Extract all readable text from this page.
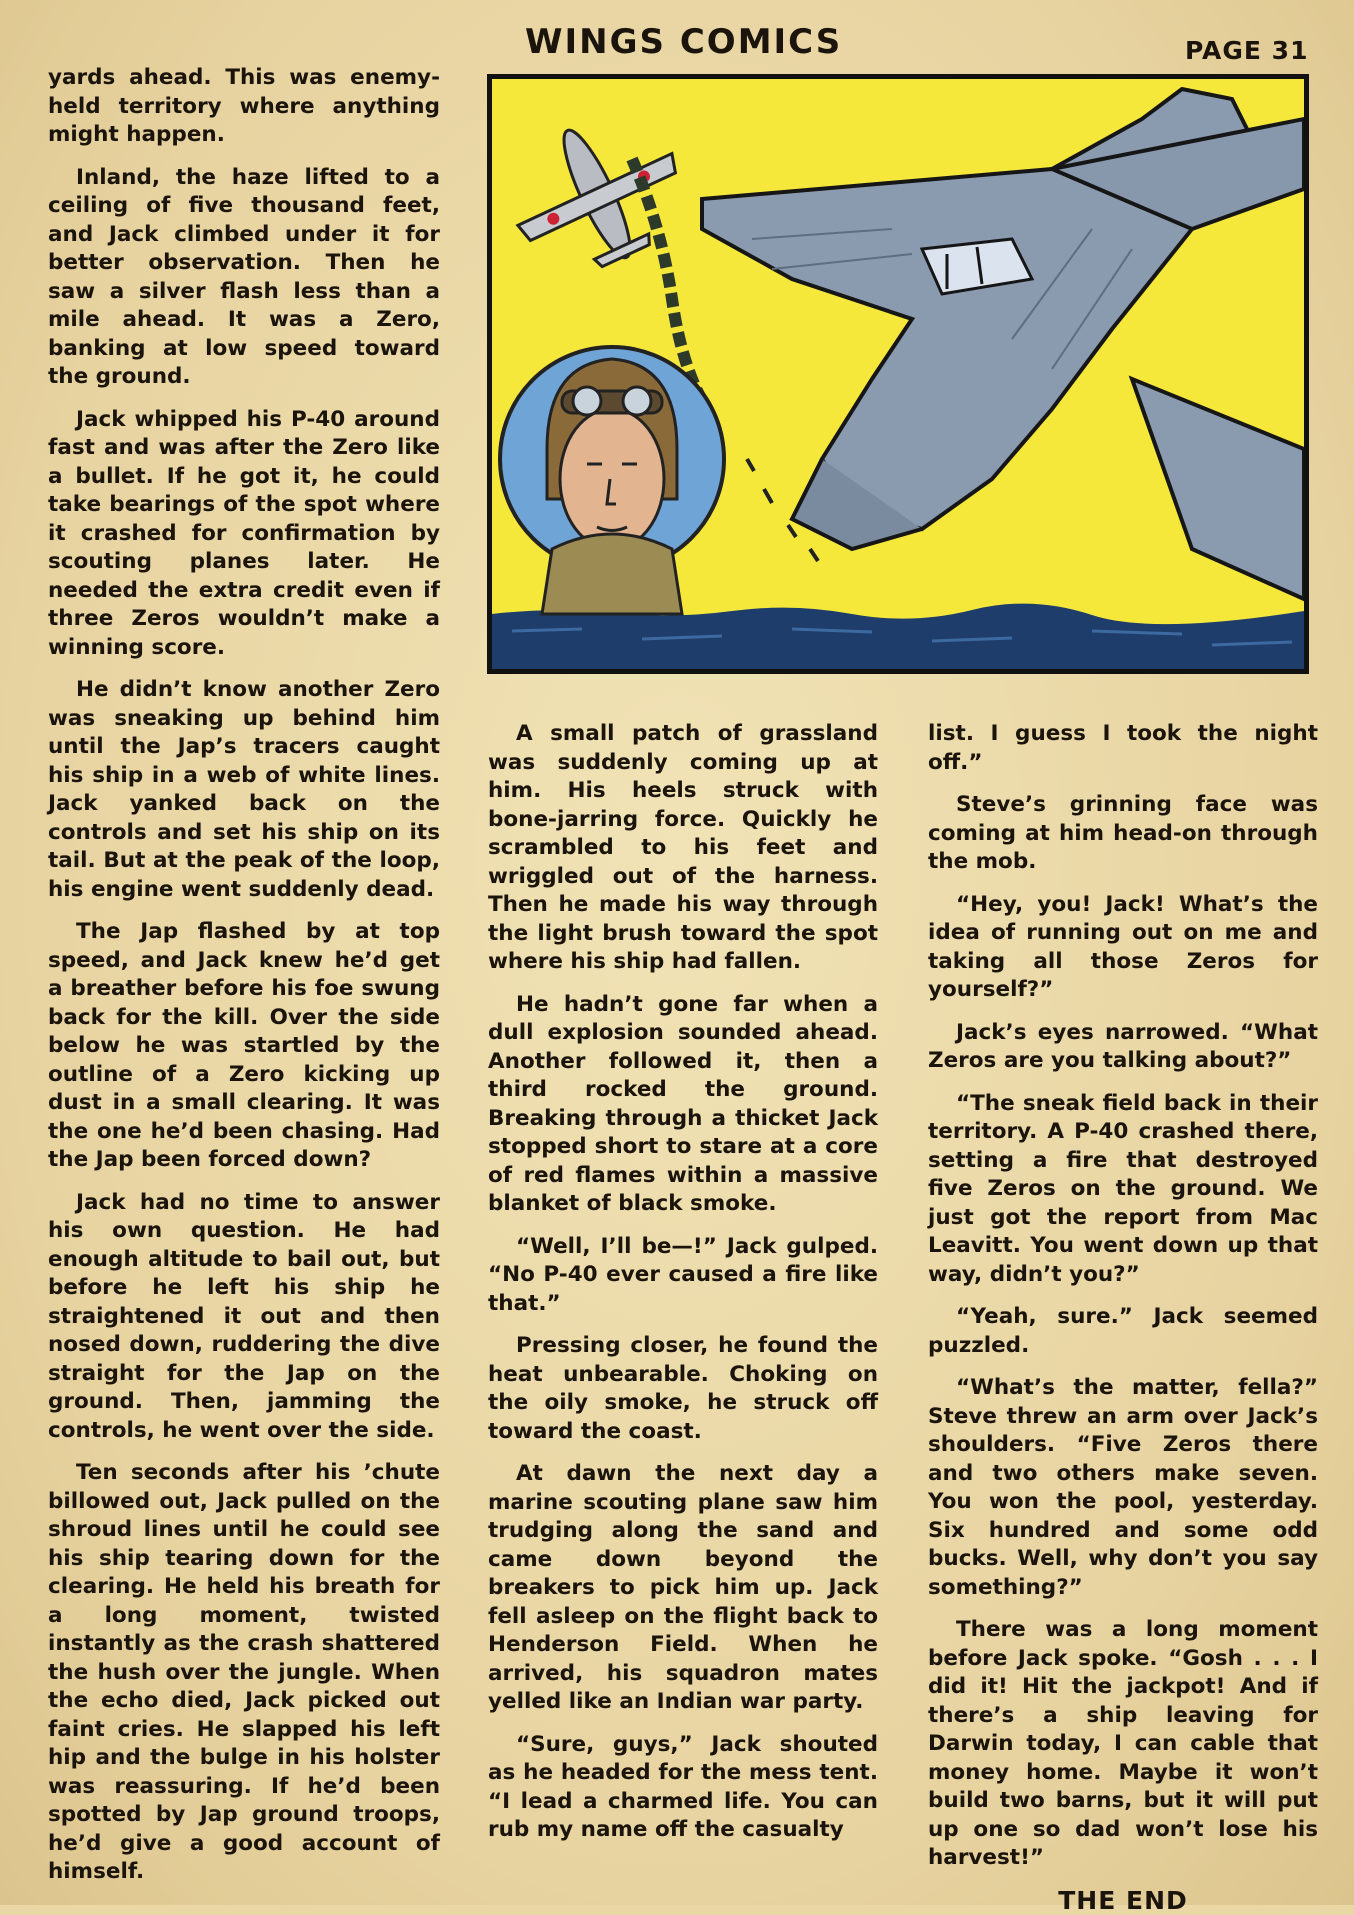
WINGS COMICS	PAGE 31

yards ahead. This was enemy-held territory where anything might happen.

Inland, the haze lifted to a ceiling of five thousand feet, and Jack climbed under it for better observation. Then he saw a silver flash less than a mile ahead. It was a Zero, banking at low speed toward the ground.

Jack whipped his P-40 around fast and was after the Zero like a bullet. If he got it, he could take bearings of the spot where it crashed for confirmation by scouting planes later. He needed the extra credit even if three Zeros wouldn’t make a winning score.

He didn’t know another Zero was sneaking up behind him until the Jap’s tracers caught his ship in a web of white lines. Jack yanked back on the controls and set his ship on its tail. But at the peak of the loop, his engine went suddenly dead.

The Jap flashed by at top speed, and Jack knew he’d get a breather before his foe swung back for the kill. Over the side below he was startled by the outline of a Zero kicking up dust in a small clearing. It was the one he’d been chasing. Had the Jap been forced down?

Jack had no time to answer his own question. He had enough altitude to bail out, but before he left his ship he straightened it out and then nosed down, ruddering the dive straight for the Jap on the ground. Then, jamming the controls, he went over the side.

Ten seconds after his ’chute billowed out, Jack pulled on the shroud lines until he could see his ship tearing down for the clearing. He held his breath for a long moment, twisted instantly as the crash shattered the hush over the jungle. When the echo died, Jack picked out faint cries. He slapped his left hip and the bulge in his holster was reassuring. If he’d been spotted by Jap ground troops, he’d give a good account of himself.

A small patch of grassland was suddenly coming up at him. His heels struck with bone-jarring force. Quickly he scrambled to his feet and wriggled out of the harness. Then he made his way through the light brush toward the spot where his ship had fallen.

He hadn’t gone far when a dull explosion sounded ahead. Another followed it, then a third rocked the ground. Breaking through a thicket Jack stopped short to stare at a core of red flames within a massive blanket of black smoke.

“Well, I’ll be—!” Jack gulped. “No P-40 ever caused a fire like that.”

Pressing closer, he found the heat unbearable. Choking on the oily smoke, he struck off toward the coast.

At dawn the next day a marine scouting plane saw him trudging along the sand and came down beyond the breakers to pick him up. Jack fell asleep on the flight back to Henderson Field. When he arrived, his squadron mates yelled like an Indian war party.

“Sure, guys,” Jack shouted as he headed for the mess tent. “I lead a charmed life. You can rub my name off the casualty

list. I guess I took the night off.”

Steve’s grinning face was coming at him head-on through the mob.

“Hey, you! Jack! What’s the idea of running out on me and taking all those Zeros for yourself?”

Jack’s eyes narrowed. “What Zeros are you talking about?”

“The sneak field back in their territory. A P-40 crashed there, setting a fire that destroyed five Zeros on the ground. We just got the report from Mac Leavitt. You went down up that way, didn’t you?”

“Yeah, sure.” Jack seemed puzzled.

“What’s the matter, fella?” Steve threw an arm over Jack’s shoulders. “Five Zeros there and two others make seven. You won the pool, yesterday. Six hundred and some odd bucks. Well, why don’t you say something?”

There was a long moment before Jack spoke. “Gosh . . . I did it! Hit the jackpot! And if there’s a ship leaving for Darwin today, I can cable that money home. Maybe it won’t build two barns, but it will put up one so dad won’t lose his harvest!”

THE END
